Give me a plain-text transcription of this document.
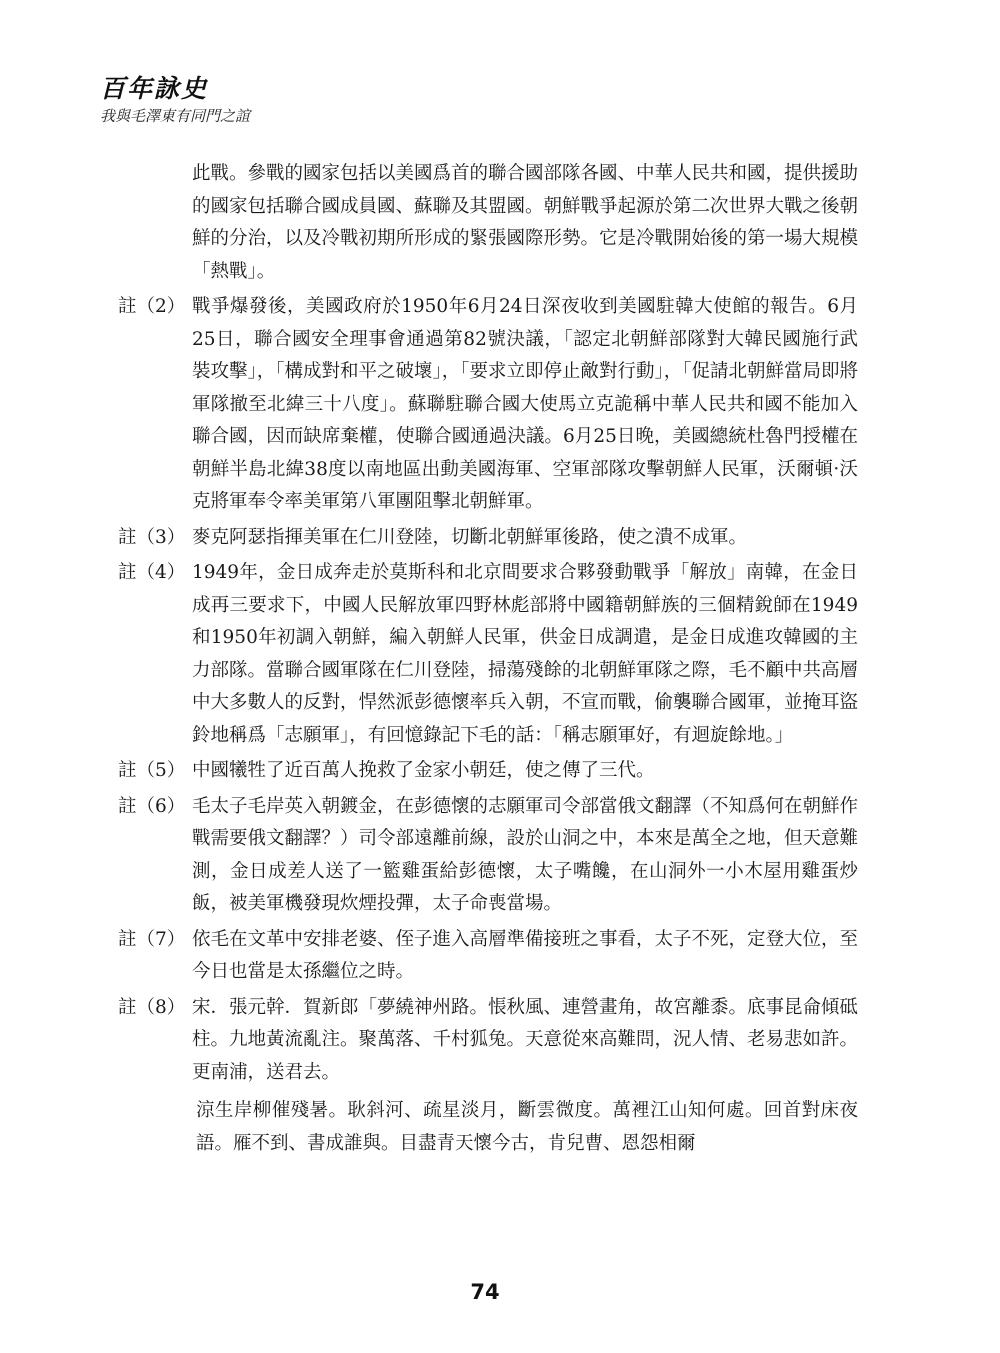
百年詠史
我與毛澤東有同門之誼
此戰。參戰的國家包括以美國爲首的聯合國部隊各國、中華人民共和國，提供援助的國家包括聯合國成員國、蘇聯及其盟國。朝鮮戰爭起源於第二次世界大戰之後朝鮮的分治，以及冷戰初期所形成的緊張國際形勢。它是冷戰開始後的第一場大規模「熱戰」。
註（2） 戰爭爆發後，美國政府於1950年6月24日深夜收到美國駐韓大使館的報告。6月25日，聯合國安全理事會通過第82號決議，「認定北朝鮮部隊對大韓民國施行武裝攻擊」，「構成對和平之破壞」，「要求立即停止敵對行動」，「促請北朝鮮當局即將軍隊撤至北緯三十八度」。蘇聯駐聯合國大使馬立克詭稱中華人民共和國不能加入聯合國，因而缺席棄權，使聯合國通過決議。6月25日晚，美國總統杜魯門授權在朝鮮半島北緯38度以南地區出動美國海軍、空軍部隊攻擊朝鮮人民軍，沃爾頓·沃克將軍奉令率美軍第八軍團阻擊北朝鮮軍。
註（3） 麥克阿瑟指揮美軍在仁川登陸，切斷北朝鮮軍後路，使之潰不成軍。
註（4） 1949年，金日成奔走於莫斯科和北京間要求合夥發動戰爭「解放」南韓，在金日成再三要求下，中國人民解放軍四野林彪部將中國籍朝鮮族的三個精銳師在1949和1950年初調入朝鮮，編入朝鮮人民軍，供金日成調遣，是金日成進攻韓國的主力部隊。當聯合國軍隊在仁川登陸，掃蕩殘餘的北朝鮮軍隊之際，毛不顧中共高層中大多數人的反對，悍然派彭德懷率兵入朝，不宣而戰，偷襲聯合國軍，並掩耳盜鈴地稱爲「志願軍」，有回憶錄記下毛的話：「稱志願軍好，有迴旋餘地。」
註（5） 中國犧牲了近百萬人挽救了金家小朝廷，使之傳了三代。
註（6） 毛太子毛岸英入朝鍍金，在彭德懷的志願軍司令部當俄文翻譯（不知爲何在朝鮮作戰需要俄文翻譯？）司令部遠離前線，設於山洞之中，本來是萬全之地，但天意難測，金日成差人送了一籃雞蛋給彭德懷，太子嘴饞，在山洞外一小木屋用雞蛋炒飯，被美軍機發現炊煙投彈，太子命喪當場。
註（7） 依毛在文革中安排老婆、侄子進入高層準備接班之事看，太子不死，定登大位，至今日也當是太孫繼位之時。
註（8） 宋．張元幹．賀新郎「夢繞神州路。悵秋風、連營畫角，故宮離黍。底事昆侖傾砥柱。九地黃流亂注。聚萬落、千村狐兔。天意從來高難問，況人情、老易悲如許。更南浦，送君去。
涼生岸柳催殘暑。耿斜河、疏星淡月，斷雲微度。萬裡江山知何處。回首對床夜語。雁不到、書成誰與。目盡青天懷今古，肯兒曹、恩怨相爾
74
